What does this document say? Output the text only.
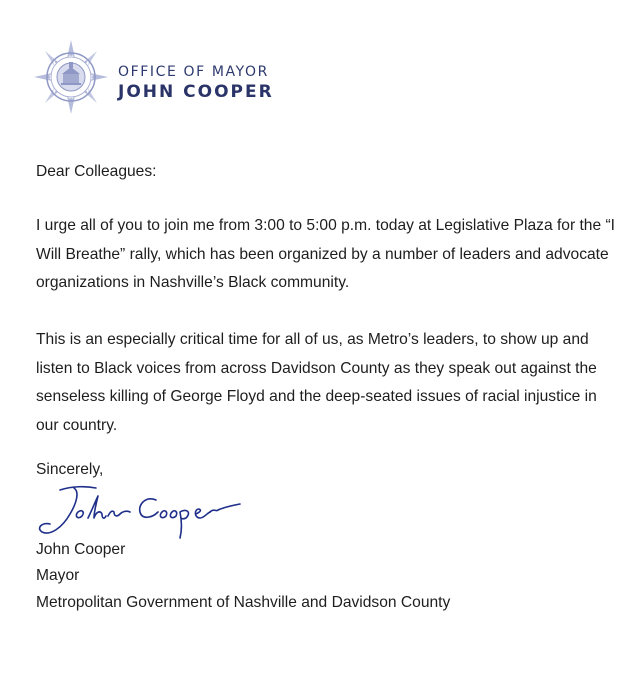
OFFICE OF MAYOR
JOHN COOPER
Dear Colleagues:
I urge all of you to join me from 3:00 to 5:00 p.m. today at Legislative Plaza for the “I Will Breathe” rally, which has been organized by a number of leaders and advocate organizations in Nashville’s Black community.
This is an especially critical time for all of us, as Metro’s leaders, to show up and listen to Black voices from across Davidson County as they speak out against the senseless killing of George Floyd and the deep-seated issues of racial injustice in our country.
Sincerely,
John Cooper
Mayor
Metropolitan Government of Nashville and Davidson County
